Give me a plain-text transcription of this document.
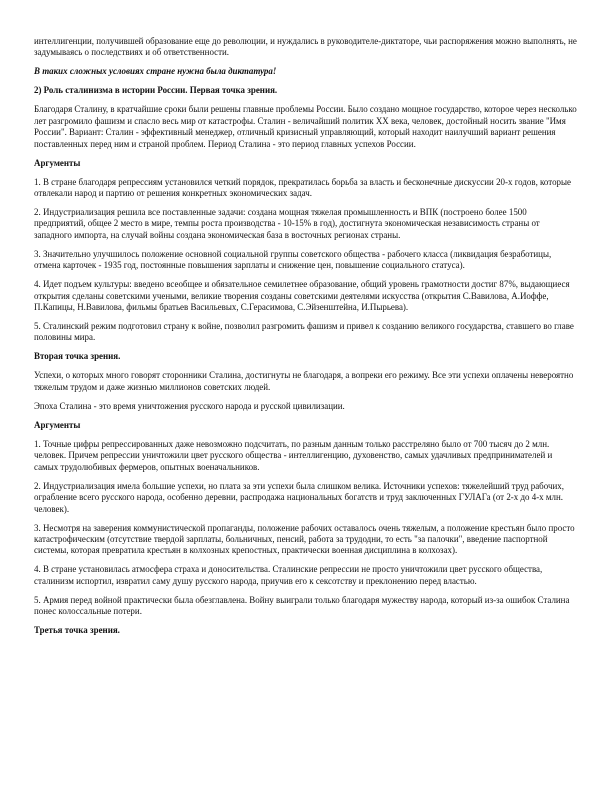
интеллигенции, получившей образование еще до революции, и нуждались в руководителе-диктаторе, чьи распоряжения можно выполнять, не задумываясь о последствиях и об ответственности.

В таких сложных условиях стране нужна была диктатура!

2) Роль сталинизма в истории России. Первая точка зрения.

Благодаря Сталину, в кратчайшие сроки были решены главные проблемы России. Было создано мощное государство, которое через несколько лет разгромило фашизм и спасло весь мир от катастрофы. Сталин - величайший политик XX века, человек, достойный носить звание "Имя России". Вариант: Сталин - эффективный менеджер, отличный кризисный управляющий, который находит наилучший вариант решения поставленных перед ним и страной проблем. Период Сталина - это период главных успехов России.

Аргументы

1. В стране благодаря репрессиям установился четкий порядок, прекратилась борьба за власть и бесконечные дискуссии 20-х годов, которые отвлекали народ и партию от решения конкретных экономических задач.

2. Индустриализация решила все поставленные задачи: создана мощная тяжелая промышленность и ВПК (построено более 1500 предприятий, общее 2 место в мире, темпы роста производства - 10-15% в год), достигнута экономическая независимость страны от западного импорта, на случай войны создана экономическая база в восточных регионах страны.

3. Значительно улучшилось положение основной социальной группы советского общества - рабочего класса (ликвидация безработицы, отмена карточек - 1935 год, постоянные повышения зарплаты и снижение цен, повышение социального статуса).

4. Идет подъем культуры: введено всеобщее и обязательное семилетнее образование, общий уровень грамотности достиг 87%, выдающиеся открытия сделаны советскими учеными, великие творения созданы советскими деятелями искусства (открытия С.Вавилова, А.Иоффе, П.Капицы, Н.Вавилова, фильмы братьев Васильевых, С.Герасимова, С.Эйзенштейна, И.Пырьева).

5. Сталинский режим подготовил страну к войне, позволил разгромить фашизм и привел к созданию великого государства, ставшего во главе половины мира.

Вторая точка зрения.

Успехи, о которых много говорят сторонники Сталина, достигнуты не благодаря, а вопреки его режиму. Все эти успехи оплачены невероятно тяжелым трудом и даже жизнью миллионов советских людей.

Эпоха Сталина - это время уничтожения русского народа и русской цивилизации.

Аргументы

1. Точные цифры репрессированных даже невозможно подсчитать, по разным данным только расстреляно было от 700 тысяч до 2 млн. человек. Причем репрессии уничтожили цвет русского общества - интеллигенцию, духовенство, самых удачливых предпринимателей и самых трудолюбивых фермеров, опытных военачальников.

2. Индустриализация имела большие успехи, но плата за эти успехи была слишком велика. Источники успехов: тяжелейший труд рабочих, ограбление всего русского народа, особенно деревни, распродажа национальных богатств и труд заключенных ГУЛАГа (от 2-х до 4-х млн. человек).

3. Несмотря на заверения коммунистической пропаганды, положение рабочих оставалось очень тяжелым, а положение крестьян было просто катастрофическим (отсутствие твердой зарплаты, больничных, пенсий, работа за трудодни, то есть "за палочки", введение паспортной системы, которая превратила крестьян в колхозных крепостных, практически военная дисциплина в колхозах).

4. В стране установилась атмосфера страха и доносительства. Сталинские репрессии не просто уничтожили цвет русского общества, сталинизм испортил, извратил саму душу русского народа, приучив его к сексотству и преклонению перед властью.

5. Армия перед войной практически была обезглавлена. Войну выиграли только благодаря мужеству народа, который из-за ошибок Сталина понес колоссальные потери.

Третья точка зрения.
